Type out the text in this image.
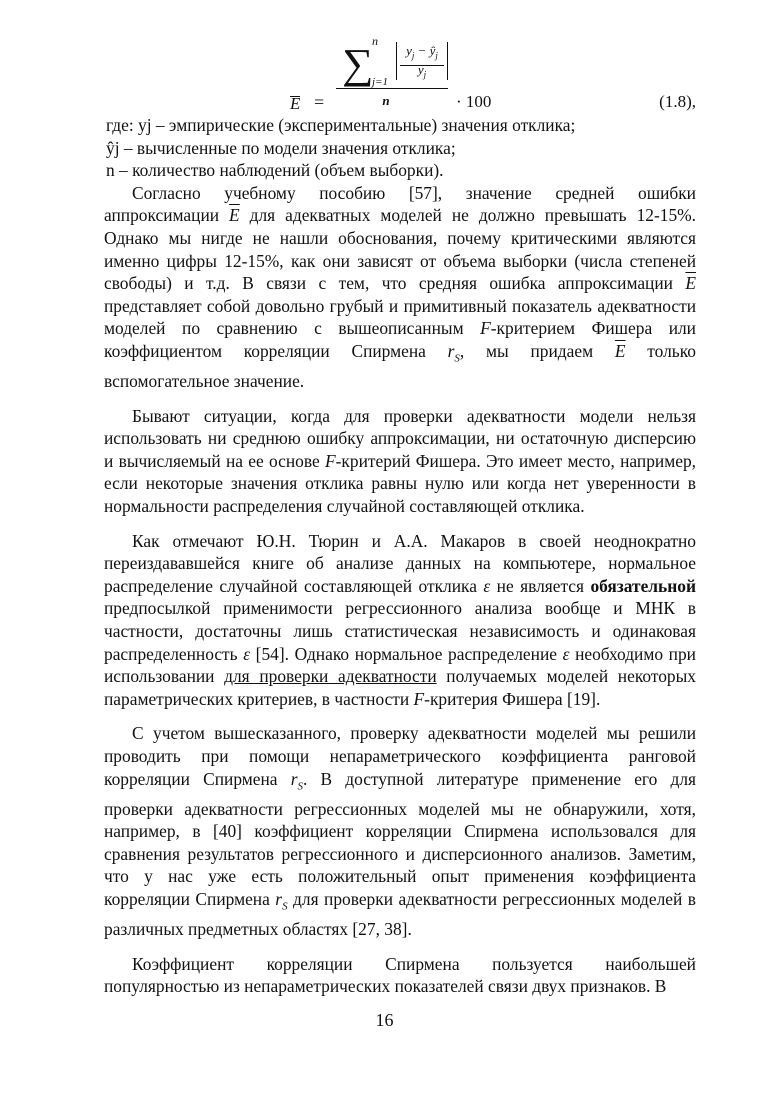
E =
∑
n
j=1
$\frac{y_j - ŷ_j}{y_j}$
n	· 100	(1.8),

где: yj – эмпирические (экспериментальные) значения отклика;

ŷj – вычисленные по модели значения отклика;

n – количество наблюдений (объем выборки).

Согласно учебному пособию [57], значение средней ошибки аппроксимации $\overline{E}$ для адекватных моделей не должно превышать 12-15%. Однако мы нигде не нашли обоснования, почему критическими являются именно цифры 12-15%, как они зависят от объема выборки (числа степеней свободы) и т.д. В связи с тем, что средняя ошибка аппроксимации $\overline{E}$ представляет собой довольно грубый и примитивный показатель адекватности моделей по сравнению с вышеописанным F-критерием Фишера или коэффициентом корреляции Спирмена $r_S$, мы придаем $\overline{E}$ только вспомогательное значение.

Бывают ситуации, когда для проверки адекватности модели нельзя использовать ни среднюю ошибку аппроксимации, ни остаточную дисперсию и вычисляемый на ее основе F-критерий Фишера. Это имеет место, например, если некоторые значения отклика равны нулю или когда нет уверенности в нормальности распределения случайной составляющей отклика.

Как отмечают Ю.Н. Тюрин и А.А. Макаров в своей неоднократно переиздававшейся книге об анализе данных на компьютере, нормальное распределение случайной составляющей отклика ε не является обязательной предпосылкой применимости регрессионного анализа вообще и МНК в частности, достаточны лишь статистическая независимость и одинаковая распределенность ε [54]. Однако нормальное распределение ε необходимо при использовании для проверки адекватности получаемых моделей некоторых параметрических критериев, в частности F-критерия Фишера [19].

С учетом вышесказанного, проверку адекватности моделей мы решили проводить при помощи непараметрического коэффициента ранговой корреляции Спирмена $r_S$. В доступной литературе применение его для проверки адекватности регрессионных моделей мы не обнаружили, хотя, например, в [40] коэффициент корреляции Спирмена использовался для сравнения результатов регрессионного и дисперсионного анализов. Заметим, что у нас уже есть положительный опыт применения коэффициента корреляции Спирмена $r_S$ для проверки адекватности регрессионных моделей в различных предметных областях [27, 38].

Коэффициент корреляции Спирмена пользуется наибольшей популярностью из непараметрических показателей связи двух признаков. В

16
